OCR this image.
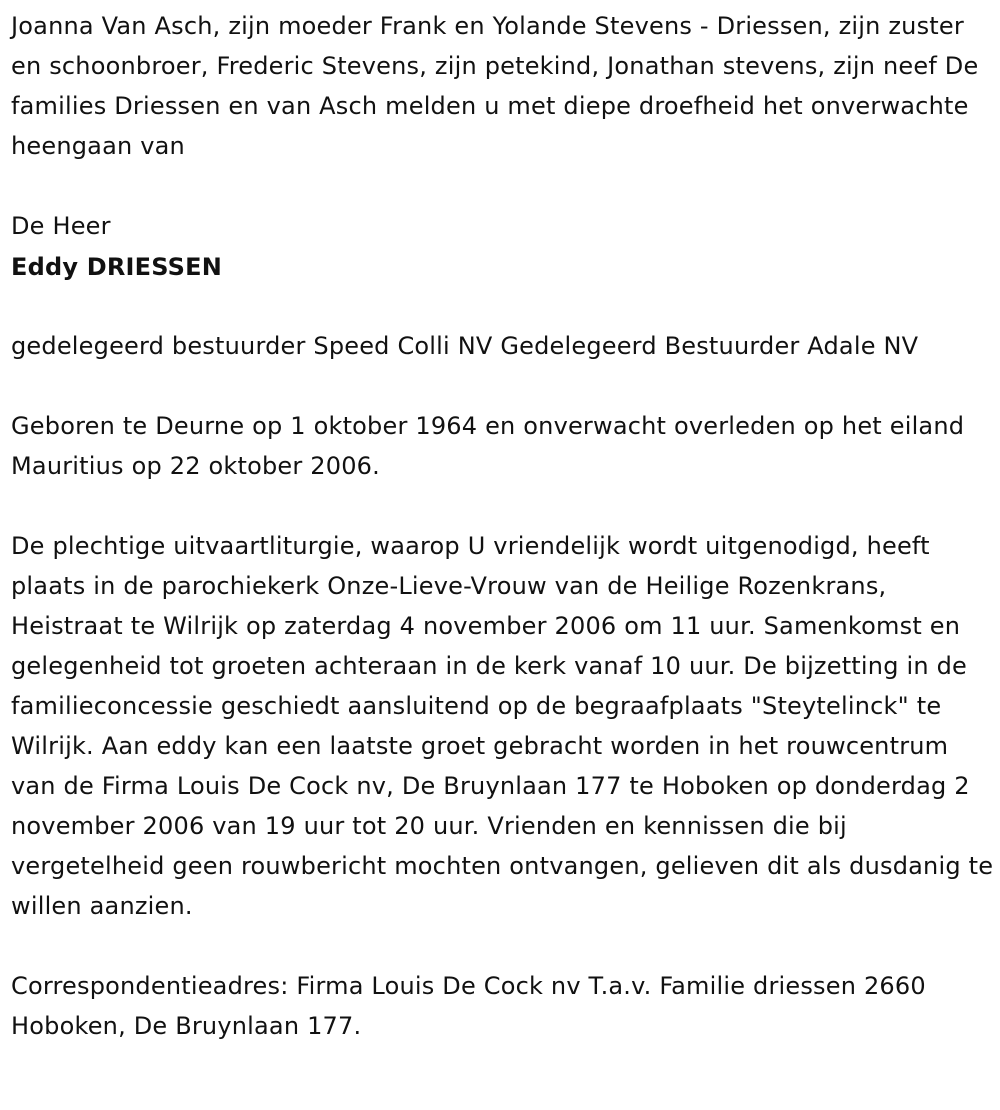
Joanna Van Asch, zijn moeder Frank en Yolande Stevens - Driessen, zijn zuster en schoonbroer, Frederic Stevens, zijn petekind, Jonathan stevens, zijn neef De families Driessen en van Asch melden u met diepe droefheid het onverwachte heengaan van

De Heer

Eddy DRIESSEN

gedelegeerd bestuurder Speed Colli NV Gedelegeerd Bestuurder Adale NV

Geboren te Deurne op 1 oktober 1964 en onverwacht overleden op het eiland Mauritius op 22 oktober 2006.

De plechtige uitvaartliturgie, waarop U vriendelijk wordt uitgenodigd, heeft plaats in de parochiekerk Onze-Lieve-Vrouw van de Heilige Rozenkrans, Heistraat te Wilrijk op zaterdag 4 november 2006 om 11 uur. Samenkomst en gelegenheid tot groeten achteraan in de kerk vanaf 10 uur. De bijzetting in de familieconcessie geschiedt aansluitend op de begraafplaats "Steytelinck" te Wilrijk. Aan eddy kan een laatste groet gebracht worden in het rouwcentrum van de Firma Louis De Cock nv, De Bruynlaan 177 te Hoboken op donderdag 2 november 2006 van 19 uur tot 20 uur. Vrienden en kennissen die bij vergetelheid geen rouwbericht mochten ontvangen, gelieven dit als dusdanig te willen aanzien.

Correspondentieadres: Firma Louis De Cock nv T.a.v. Familie driessen 2660 Hoboken, De Bruynlaan 177.
